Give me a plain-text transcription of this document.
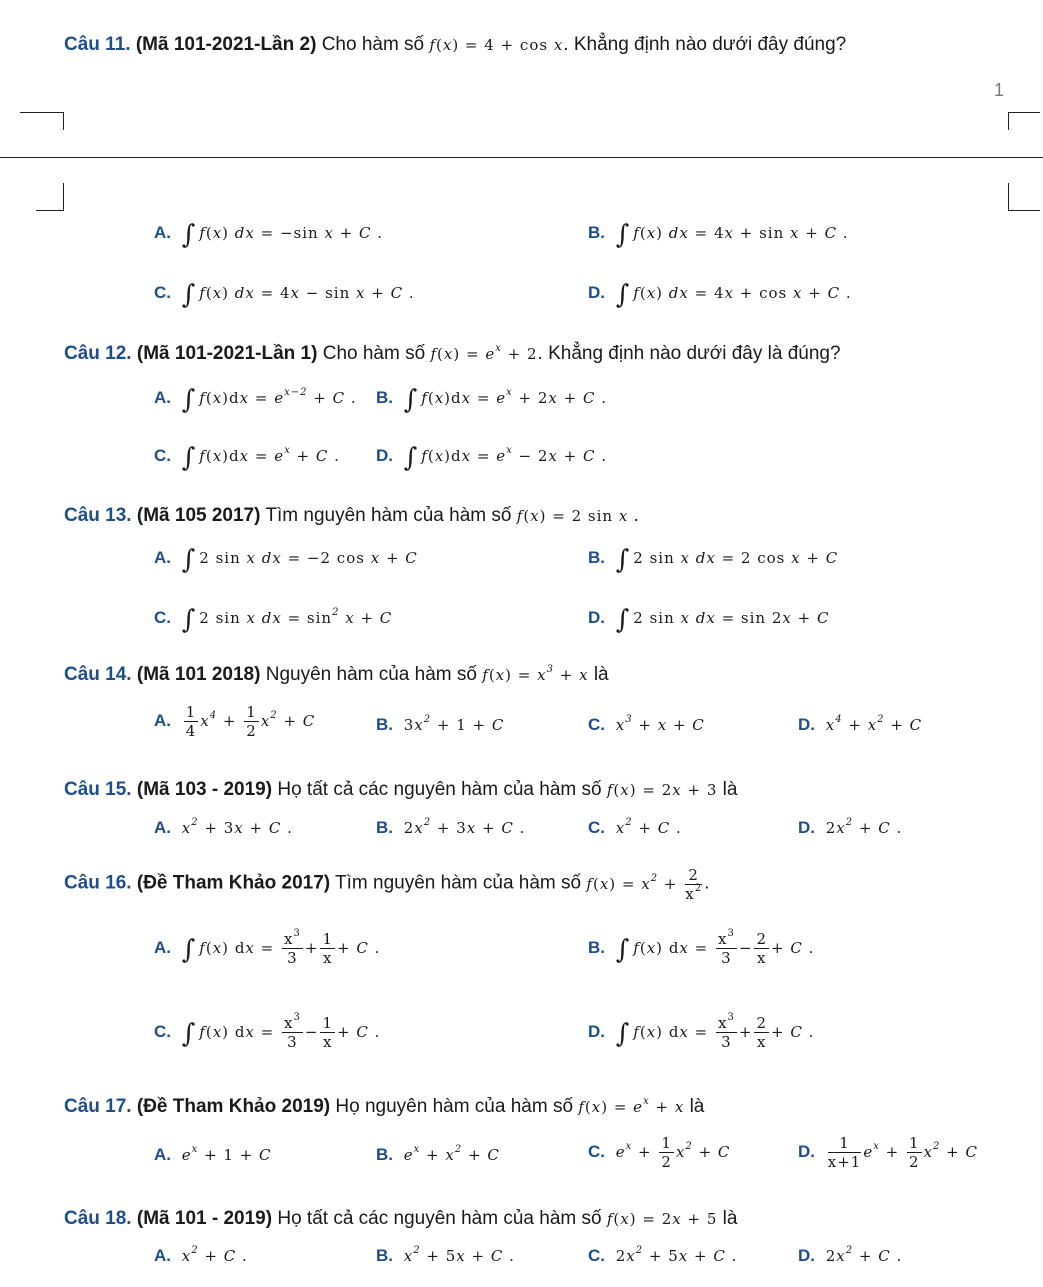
1
Câu 11. (Mã 101-2021-Lần 2) Cho hàm số f(x) = 4 + cos x. Khẳng định nào dưới đây đúng?
A. ∫ f(x) dx = −sin x + C .	B. ∫ f(x) dx = 4x + sin x + C .
C. ∫ f(x) dx = 4x − sin x + C .	D. ∫ f(x) dx = 4x + cos x + C .
Câu 12. (Mã 101-2021-Lần 1) Cho hàm số $f(x) = e^x + 2$. Khẳng định nào dưới đây là đúng?
A. ∫ $f(x)dx = e^{x-2} + C$ . B. ∫ $f(x)dx = e^x + 2x + C$ .
C. ∫ $f(x)dx = e^x + C$ . D. ∫ $f(x)dx = e^x - 2x + C$ .
Câu 13. (Mã 105 2017) Tìm nguyên hàm của hàm số f(x) = 2 sin x .
A. ∫ 2 sin x dx = −2 cos x + C	B. ∫ 2 sin x dx = 2 cos x + C
C. ∫ 2 sin x dx = $\sin^2 x + C$	D. ∫ 2 sin x dx = sin 2x + C
Câu 14. (Mã 101 2018) Nguyên hàm của hàm số $f(x) = x^3 + x$ là
A. $\frac{1}{4} x^4 + \frac{1}{2} x^2 + C$	B. $3x^2 + 1 + C$	C. $x^3 + x + C$	D. $x^4 + x^2 + C$
Câu 15. (Mã 103 - 2019) Họ tất cả các nguyên hàm của hàm số f(x) = 2x + 3 là
A. $x^2 + 3x + C$ .	B. $2x^2 + 3x + C$ .	C. $x^2 + C$ .	D. $2x^2 + C$ .
Câu 16. (Đề Tham Khảo 2017) Tìm nguyên hàm của hàm số $f(x) = x^2 + \frac{2}{x^2}$ .
A. ∫ f(x) dx = $\frac{x^3}{3} + \frac{1}{x} + C$ .	B. ∫ f(x) dx = $\frac{x^3}{3} - \frac{2}{x} + C$ .
C. ∫ f(x) dx = $\frac{x^3}{3} - \frac{1}{x} + C$ .	D. ∫ f(x) dx = $\frac{x^3}{3} + \frac{2}{x} + C$ .
Câu 17. (Đề Tham Khảo 2019) Họ nguyên hàm của hàm số $f(x) = e^x + x$ là
A. $e^x + 1 + C$	B. $e^x + x^2 + C$	C. $e^x + \frac{1}{2} x^2 + C$	D. $\frac{1}{x+1} e^x + \frac{1}{2} x^2 + C$
Câu 18. (Mã 101 - 2019) Họ tất cả các nguyên hàm của hàm số f(x) = 2x + 5 là
A. $x^2 + C$ .	B. $x^2 + 5x + C$ .	C. $2x^2 + 5x + C$ .	D. $2x^2 + C$ .
